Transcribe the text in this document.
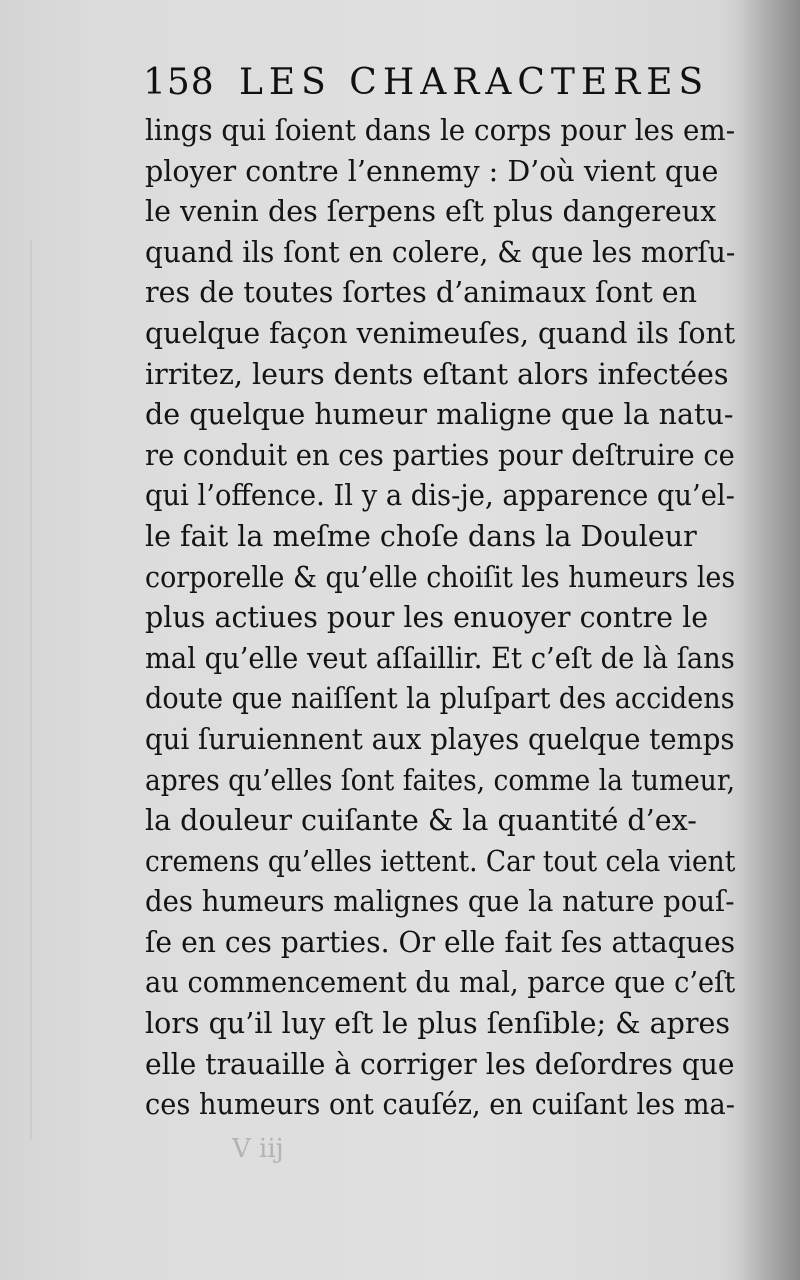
158 LES CHARACTERES
lings qui ſoient dans le corps pour les em-
ployer contre l’ennemy : D’où vient que
le venin des ſerpens eſt plus dangereux
quand ils ſont en colere, & que les morſu-
res de toutes ſortes d’animaux ſont en
quelque façon venimeuſes, quand ils ſont
irritez, leurs dents eſtant alors infectées
de quelque humeur maligne que la natu-
re conduit en ces parties pour deſtruire ce
qui l’offence. Il y a dis-je, apparence qu’el-
le fait la meſme choſe dans la Douleur
corporelle & qu’elle choiſit les humeurs les
plus actiues pour les enuoyer contre le
mal qu’elle veut aſſaillir. Et c’eſt de là ſans
doute que naiſſent la pluſpart des accidens
qui ſuruiennent aux playes quelque temps
apres qu’elles ſont faites, comme la tumeur,
la douleur cuiſante & la quantité d’ex-
cremens qu’elles iettent. Car tout cela vient
des humeurs malignes que la nature pouſ-
ſe en ces parties. Or elle fait ſes attaques
au commencement du mal, parce que c’eſt
lors qu’il luy eſt le plus ſenſible; & apres
elle trauaille à corriger les deſordres que
ces humeurs ont cauſéz, en cuiſant les ma-
V iij
